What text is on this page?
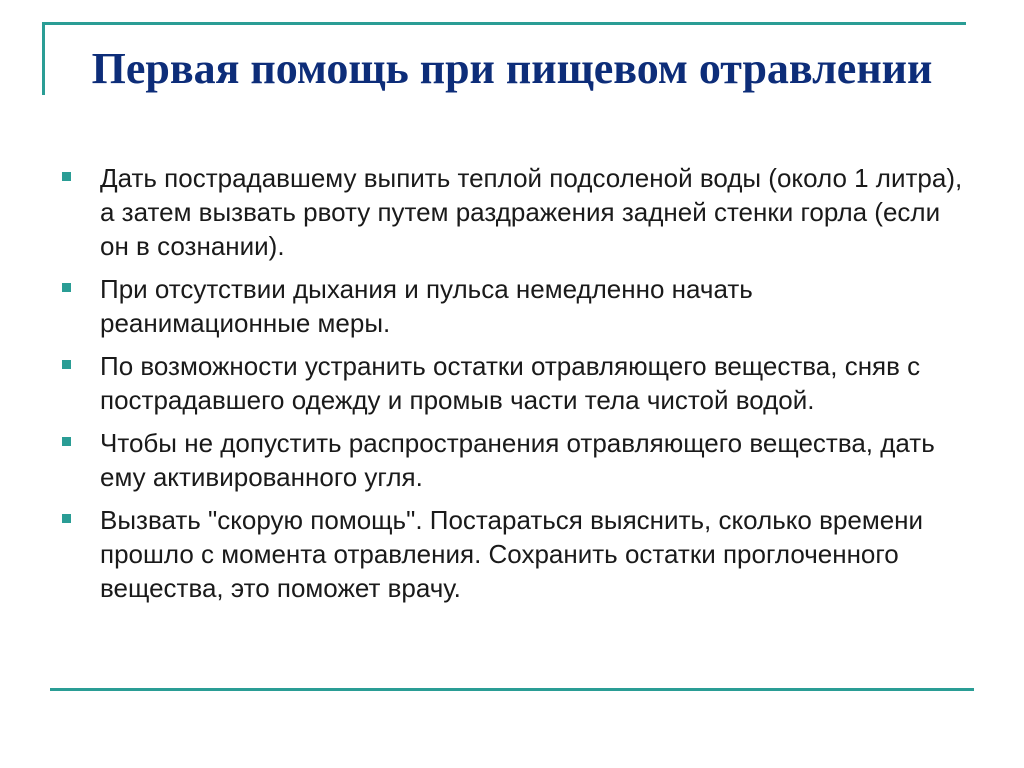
Первая помощь при пищевом отравлении
Дать пострадавшему выпить теплой подсоленой воды (около 1 литра), а затем вызвать рвоту путем раздражения задней стенки горла (если он в сознании).
При отсутствии дыхания и пульса немедленно начать реанимационные меры.
По возможности устранить остатки отравляющего вещества, сняв с пострадавшего одежду и промыв части тела чистой водой.
Чтобы не допустить распространения отравляющего вещества, дать ему активированного угля.
Вызвать "скорую помощь". Постараться выяснить, сколько времени прошло с момента отравления. Сохранить остатки проглоченного вещества, это поможет врачу.
